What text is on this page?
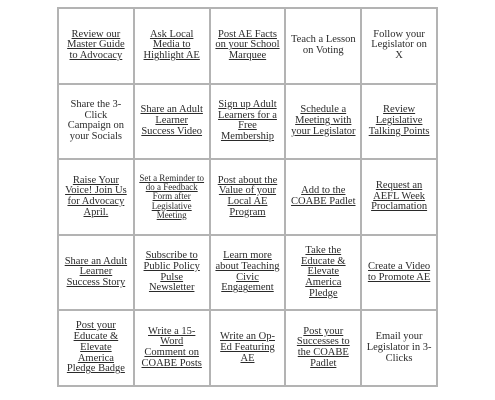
Review our Master Guide to Advocacy
Ask Local Media to Highlight AE
Post AE Facts on your School Marquee
Teach a Lesson on Voting
Follow your Legislator on X
Share the 3-Click Campaign on your Socials
Share an Adult Learner Success Video
Sign up Adult Learners for a Free Membership
Schedule a Meeting with your Legislator
Review Legislative Talking Points
Raise Your Voice! Join Us for Advocacy April.
Set a Reminder to do a Feedback Form after Legislative Meeting
Post about the Value of your Local AE Program
Add to the COABE Padlet
Request an AEFL Week Proclamation
Share an Adult Learner Success Story
Subscribe to Public Policy Pulse Newsletter
Learn more about Teaching Civic Engagement
Take the Educate & Elevate America Pledge
Create a Video to Promote AE
Post your Educate & Elevate America Pledge Badge
Write a 15-Word Comment on COABE Posts
Write an Op-Ed Featuring AE
Post your Successes to the COABE Padlet
Email your Legislator in 3-Clicks
